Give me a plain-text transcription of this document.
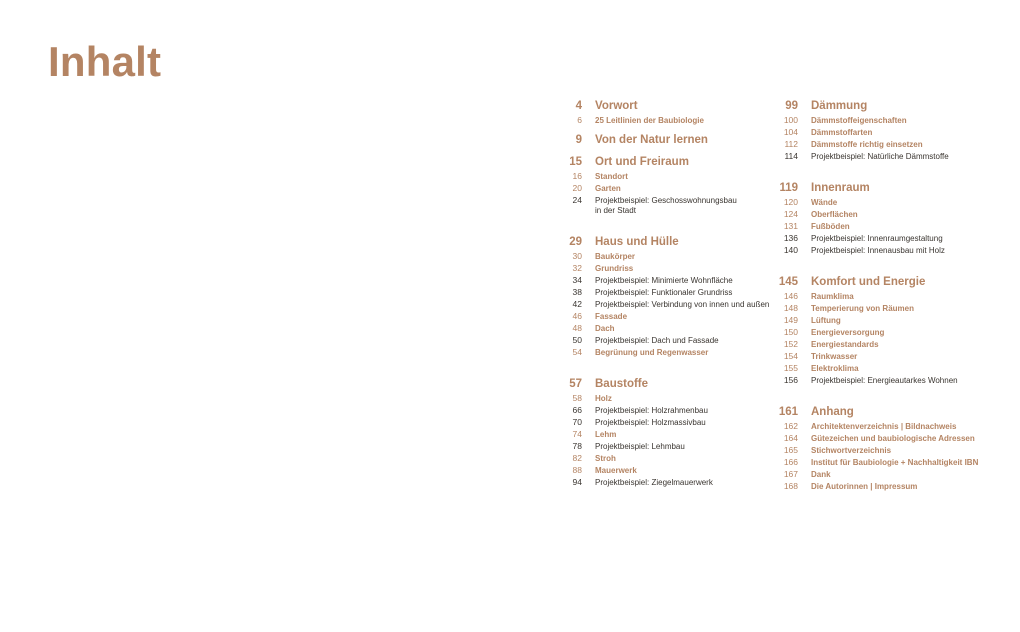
Inhalt
4 Vorwort
6 25 Leitlinien der Baubiologie
9 Von der Natur lernen
15 Ort und Freiraum
16 Standort
20 Garten
24 Projektbeispiel: Geschosswohnungsbau
in der Stadt
29 Haus und Hülle
30 Baukörper
32 Grundriss
34 Projektbeispiel: Minimierte Wohnfläche
38 Projektbeispiel: Funktionaler Grundriss
42 Projektbeispiel: Verbindung von innen und außen
46 Fassade
48 Dach
50 Projektbeispiel: Dach und Fassade
54 Begrünung und Regenwasser
57 Baustoffe
58 Holz
66 Projektbeispiel: Holzrahmenbau
70 Projektbeispiel: Holzmassivbau
74 Lehm
78 Projektbeispiel: Lehmbau
82 Stroh
88 Mauerwerk
94 Projektbeispiel: Ziegelmauerwerk
99 Dämmung
100 Dämmstoffeigenschaften
104 Dämmstoffarten
112 Dämmstoffe richtig einsetzen
114 Projektbeispiel: Natürliche Dämmstoffe
119 Innenraum
120 Wände
124 Oberflächen
131 Fußböden
136 Projektbeispiel: Innenraumgestaltung
140 Projektbeispiel: Innenausbau mit Holz
145 Komfort und Energie
146 Raumklima
148 Temperierung von Räumen
149 Lüftung
150 Energieversorgung
152 Energiestandards
154 Trinkwasser
155 Elektroklima
156 Projektbeispiel: Energieautarkes Wohnen
161 Anhang
162 Architektenverzeichnis | Bildnachweis
164 Gütezeichen und baubiologische Adressen
165 Stichwortverzeichnis
166 Institut für Baubiologie + Nachhaltigkeit IBN
167 Dank
168 Die Autorinnen | Impressum
